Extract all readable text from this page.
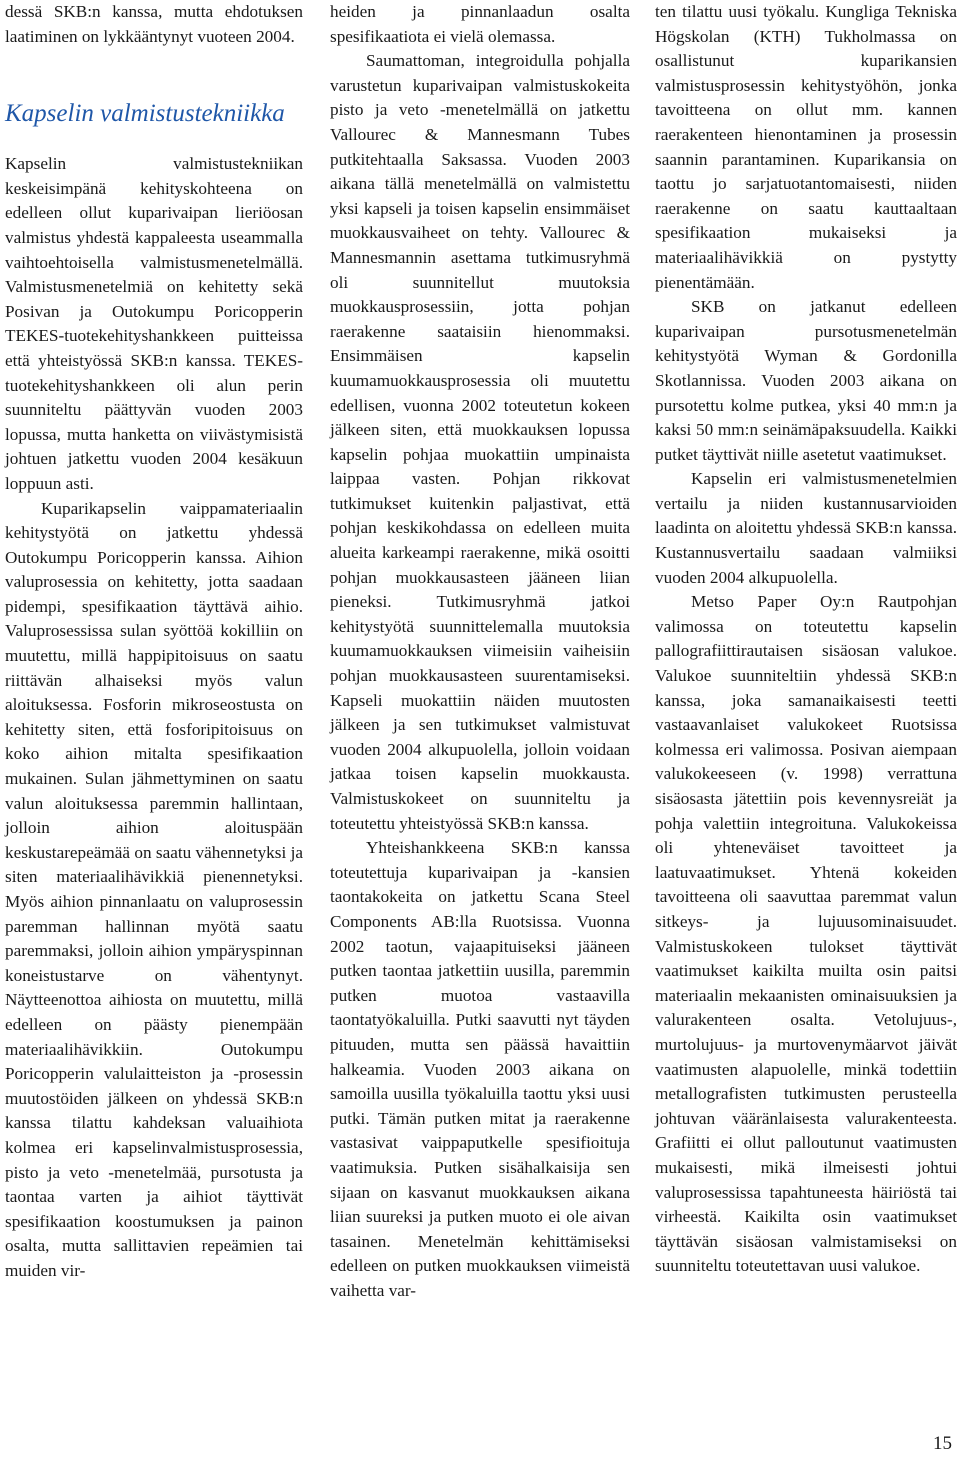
dessä SKB:n kanssa, mutta ehdotuksen laatiminen on lykkääntynyt vuoteen 2004.

Kapselin valmistustekniikka

Kapselin valmistustekniikan keskeisimpänä kehityskohteena on edelleen ollut kuparivaipan lieriöosan valmistus yhdestä kappaleesta useammalla vaihtoehtoisella valmistusmenetelmällä. Valmistusmenetelmiä on kehitetty sekä Posivan ja Outokumpu Poricopperin TEKES-tuotekehityshankkeen puitteissa että yhteistyössä SKB:n kanssa. TEKES-tuotekehityshankkeen oli alun perin suunniteltu päättyvän vuoden 2003 lopussa, mutta hanketta on viivästymisistä johtuen jatkettu vuoden 2004 kesäkuun loppuun asti.

Kuparikapselin vaippamateriaalin kehitystyötä on jatkettu yhdessä Outokumpu Poricopperin kanssa. Aihion valuprosessia on kehitetty, jotta saadaan pidempi, spesifikaation täyttävä aihio. Valuprosessissa sulan syöttöä kokilliin on muutettu, millä happipitoisuus on saatu riittävän alhaiseksi myös valun aloituksessa. Fosforin mikroseostusta on kehitetty siten, että fosforipitoisuus on koko aihion mitalta spesifikaation mukainen. Sulan jähmettyminen on saatu valun aloituksessa paremmin hallintaan, jolloin aihion aloituspään keskustarepeämää on saatu vähennetyksi ja siten materiaalihävikkiä pienennetyksi. Myös aihion pinnanlaatu on valuprosessin paremman hallinnan myötä saatu paremmaksi, jolloin aihion ympäryspinnan koneistustarve on vähentynyt. Näytteenottoa aihiosta on muutettu, millä edelleen on päästy pienempään materiaalihävikkiin. Outokumpu Poricopperin valulaitteiston ja -prosessin muutostöiden jälkeen on yhdessä SKB:n kanssa tilattu kahdeksan valuaihiota kolmea eri kapselinvalmistusprosessia, pisto ja veto -menetelmää, pursotusta ja taontaa varten ja aihiot täyttivät spesifikaation koostumuksen ja painon osalta, mutta sallittavien repeämien tai muiden vir-

heiden ja pinnanlaadun osalta spesifikaatiota ei vielä olemassa.

Saumattoman, integroidulla pohjalla varustetun kuparivaipan valmistuskokeita pisto ja veto -menetelmällä on jatkettu Vallourec & Mannesmann Tubes putkitehtaalla Saksassa. Vuoden 2003 aikana tällä menetelmällä on valmistettu yksi kapseli ja toisen kapselin ensimmäiset muokkausvaiheet on tehty. Vallourec & Mannesmannin asettama tutkimusryhmä oli suunnitellut muutoksia muokkausprosessiin, jotta pohjan raerakenne saataisiin hienommaksi. Ensimmäisen kapselin kuumamuokkausprosessia oli muutettu edellisen, vuonna 2002 toteutetun kokeen jälkeen siten, että muokkauksen lopussa kapselin pohjaa muokattiin umpinaista laippaa vasten. Pohjan rikkovat tutkimukset kuitenkin paljastivat, että pohjan keskikohdassa on edelleen muita alueita karkeampi raerakenne, mikä osoitti pohjan muokkausasteen jääneen liian pieneksi. Tutkimusryhmä jatkoi kehitystyötä suunnittelemalla muutoksia kuumamuokkauksen viimeisiin vaiheisiin pohjan muokkausasteen suurentamiseksi. Kapseli muokattiin näiden muutosten jälkeen ja sen tutkimukset valmistuvat vuoden 2004 alkupuolella, jolloin voidaan jatkaa toisen kapselin muokkausta. Valmistuskokeet on suunniteltu ja toteutettu yhteistyössä SKB:n kanssa.

Yhteishankkeena SKB:n kanssa toteutettuja kuparivaipan ja -kansien taontakokeita on jatkettu Scana Steel Components AB:lla Ruotsissa. Vuonna 2002 taotun, vajaapituiseksi jääneen putken taontaa jatkettiin uusilla, paremmin putken muotoa vastaavilla taontatyökaluilla. Putki saavutti nyt täyden pituuden, mutta sen päässä havaittiin halkeamia. Vuoden 2003 aikana on samoilla uusilla työkaluilla taottu yksi uusi putki. Tämän putken mitat ja raerakenne vastasivat vaippaputkelle spesifioituja vaatimuksia. Putken sisähalkaisija sen sijaan on kasvanut muokkauksen aikana liian suureksi ja putken muoto ei ole aivan tasainen. Menetelmän kehittämiseksi edelleen on putken muokkauksen viimeistä vaihetta var-

ten tilattu uusi työkalu. Kungliga Tekniska Högskolan (KTH) Tukholmassa on osallistunut kuparikansien valmistusprosessin kehitystyöhön, jonka tavoitteena on ollut mm. kannen raerakenteen hienontaminen ja prosessin saannin parantaminen. Kuparikansia on taottu jo sarjatuotantomaisesti, niiden raerakenne on saatu kauttaaltaan spesifikaation mukaiseksi ja materiaalihävikkiä on pystytty pienentämään.

SKB on jatkanut edelleen kuparivaipan pursotusmenetelmän kehitystyötä Wyman & Gordonilla Skotlannissa. Vuoden 2003 aikana on pursotettu kolme putkea, yksi 40 mm:n ja kaksi 50 mm:n seinämäpaksuudella. Kaikki putket täyttivät niille asetetut vaatimukset.

Kapselin eri valmistusmenetelmien vertailu ja niiden kustannusarvioiden laadinta on aloitettu yhdessä SKB:n kanssa. Kustannusvertailu saadaan valmiiksi vuoden 2004 alkupuolella.

Metso Paper Oy:n Rautpohjan valimossa on toteutettu kapselin pallografiittirautaisen sisäosan valukoe. Valukoe suunniteltiin yhdessä SKB:n kanssa, joka samanaikaisesti teetti vastaavanlaiset valukokeet Ruotsissa kolmessa eri valimossa. Posivan aiempaan valukokeeseen (v. 1998) verrattuna sisäosasta jätettiin pois kevennysreiät ja pohja valettiin integroituna. Valukokeissa oli yhteneväiset tavoitteet ja laatuvaatimukset. Yhtenä kokeiden tavoitteena oli saavuttaa paremmat valun sitkeys- ja lujuusominaisuudet. Valmistuskokeen tulokset täyttivät vaatimukset kaikilta muilta osin paitsi materiaalin mekaanisten ominaisuuksien ja valurakenteen osalta. Vetolujuus-, murtolujuus- ja murtovenymäarvot jäivät vaatimusten alapuolelle, minkä todettiin metallografisten tutkimusten perusteella johtuvan vääränlaisesta valurakenteesta. Grafiitti ei ollut palloutunut vaatimusten mukaisesti, mikä ilmeisesti johtui valuprosessissa tapahtuneesta häiriöstä tai virheestä. Kaikilta osin vaatimukset täyttävän sisäosan valmistamiseksi on suunniteltu toteutettavan uusi valukoe.

15
